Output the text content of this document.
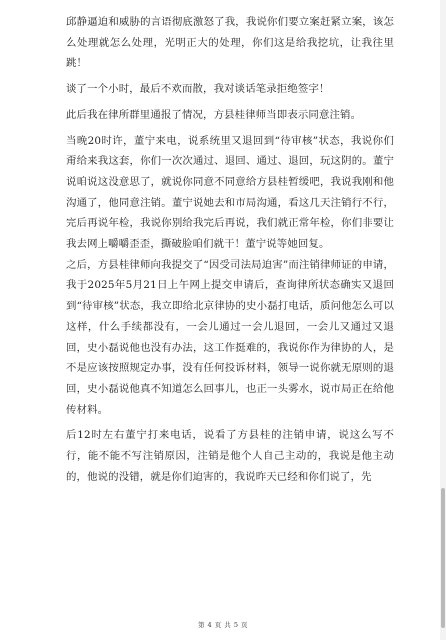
邱静逼迫和威胁的言语彻底激怒了我，我说你们要立案赶紧立案，该怎么处理就怎么处理，光明正大的处理，你们这是给我挖坑，让我往里跳！

谈了一个小时，最后不欢而散，我对谈话笔录拒绝签字！

此后我在律所群里通报了情况，方县桂律师当即表示同意注销。

当晚20时许，董宁来电，说系统里又退回到“待审核”状态，我说你们甭给来我这套，你们一次次通过、退回、通过、退回，玩这阴的。董宁说咱说这没意思了，就说你同意不同意给方县桂暂缓吧，我说我刚和他沟通了，他同意注销。董宁说她去和市局沟通，看这几天注销行不行，完后再说年检，我说你别给我完后再说，我们就正常年检，你们非要让我去网上嚼嚼歪歪，撕破脸咱们就干！董宁说等她回复。

之后，方县桂律师向我提交了“因受司法局迫害”而注销律师证的申请，我于2025年5月21日上午网上提交申请后，查询律所状态确实又退回到“待审核”状态，我立即给北京律协的史小磊打电话，质问他怎么可以这样，什么手续都没有，一会儿通过一会儿退回，一会儿又通过又退回，史小磊说他也没有办法，这工作挺难的，我说你作为律协的人，是不是应该按照规定办事，没有任何投诉材料，领导一说你就无原则的退回，史小磊说他真不知道怎么回事儿，也正一头雾水，说市局正在给他传材料。

后12时左右董宁打来电话，说看了方县桂的注销申请，说这么写不行，能不能不写注销原因，注销是他个人自己主动的，我说是他主动的，他说的没错，就是你们迫害的，我说昨天已经和你们说了，先

第 4 页 共 5 页
